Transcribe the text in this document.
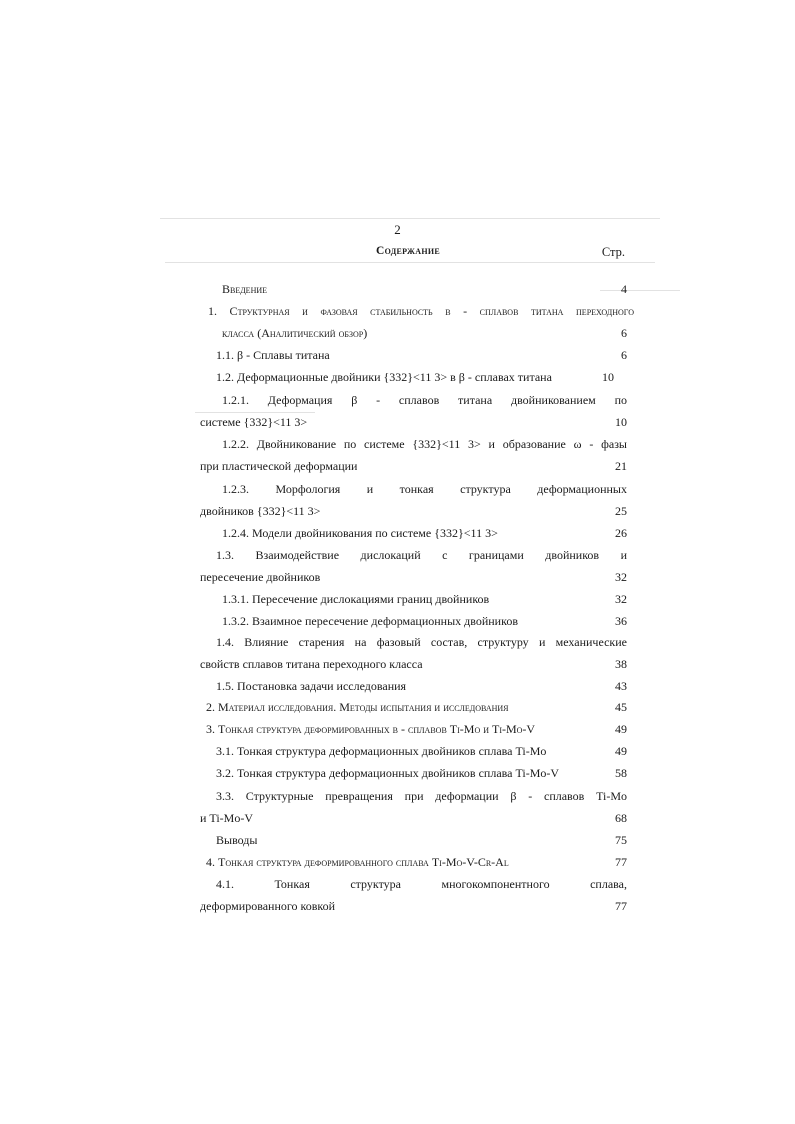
2
Содержание	Стр.
Введение	4
1. Структурная и фазовая стабильность β - сплавов титана переходного
класса (Аналитический обзор)	6
1.1. β - Сплавы титана	6
1.2. Деформационные двойники {332}<11 3> в β - сплавах титана	10
1.2.1. Деформация β - сплавов титана двойникованием по
системе {332}<11 3>	10
1.2.2. Двойникование по системе {332}<11 3> и образование ω - фазы
при пластической деформации	21
1.2.3. Морфология и тонкая структура деформационных
двойников {332}<11 3>	25
1.2.4. Модели двойникования по системе {332}<11 3>	26
1.3. Взаимодействие дислокаций с границами двойников и
пересечение двойников	32
1.3.1. Пересечение дислокациями границ двойников	32
1.3.2. Взаимное пересечение деформационных двойников	36
1.4. Влияние старения на фазовый состав, структуру и механические
свойств сплавов титана переходного класса	38
1.5. Постановка задачи исследования	43
2. Материал исследования. Методы испытания и исследования	45
3. Тонкая структура деформированных β - сплавов Ti-Mo и Ti-Mo-V	49
3.1. Тонкая структура деформационных двойников сплава Ti-Mo	49
3.2. Тонкая структура деформационных двойников сплава Ti-Mo-V	58
3.3. Структурные превращения при деформации β - сплавов Ti-Mo
и Ti-Mo-V	68
Выводы	75
4. Тонкая структура деформированного сплава Ti-Mo-V-Cr-Al	77
4.1. Тонкая структура многокомпонентного сплава,
деформированного ковкой	77
